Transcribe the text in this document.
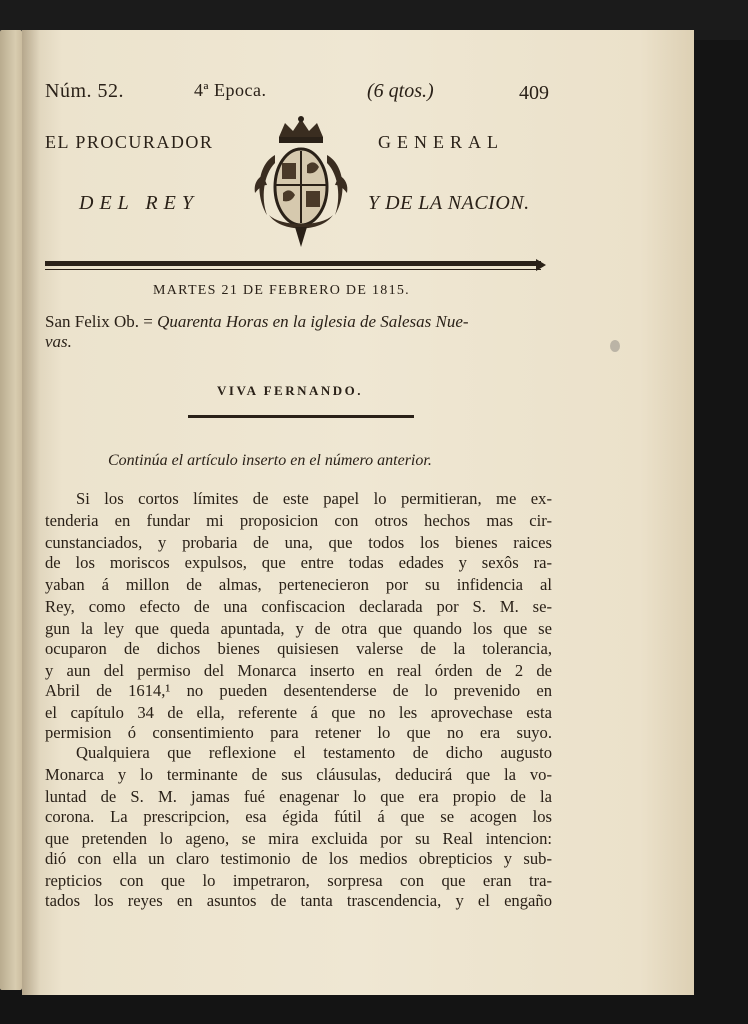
Núm. 52.	4ª Epoca.	(6 qtos.)	409
EL PROCURADOR	GENERAL
DEL REY	Y DE LA NACION.
MARTES 21 DE FEBRERO DE 1815.
San Felix Ob. = Quarenta Horas en la iglesia de Salesas Nue-
vas.
VIVA FERNANDO.
Continúa el artículo inserto en el número anterior.
Si los cortos límites de este papel lo permitieran, me ex-
tenderia en fundar mi proposicion con otros hechos mas cir-
cunstanciados, y probaria de una, que todos los bienes raices
de los moriscos expulsos, que entre todas edades y sexôs ra-
yaban á millon de almas, pertenecieron por su infidencia al
Rey, como efecto de una confiscacion declarada por S. M. se-
gun la ley que queda apuntada, y de otra que quando los que se
ocuparon de dichos bienes quisiesen valerse de la tolerancia,
y aun del permiso del Monarca inserto en real órden de 2 de
Abril de 1614,¹ no pueden desentenderse de lo prevenido en
el capítulo 34 de ella, referente á que no les aprovechase esta
permision ó consentimiento para retener lo que no era suyo.
Qualquiera que reflexione el testamento de dicho augusto
Monarca y lo terminante de sus cláusulas, deducirá que la vo-
luntad de S. M. jamas fué enagenar lo que era propio de la
corona. La prescripcion, esa égida fútil á que se acogen los
que pretenden lo ageno, se mira excluida por su Real intencion:
dió con ella un claro testimonio de los medios obrepticios y sub-
repticios con que lo impetraron, sorpresa con que eran tra-
tados los reyes en asuntos de tanta trascendencia, y el engaño
